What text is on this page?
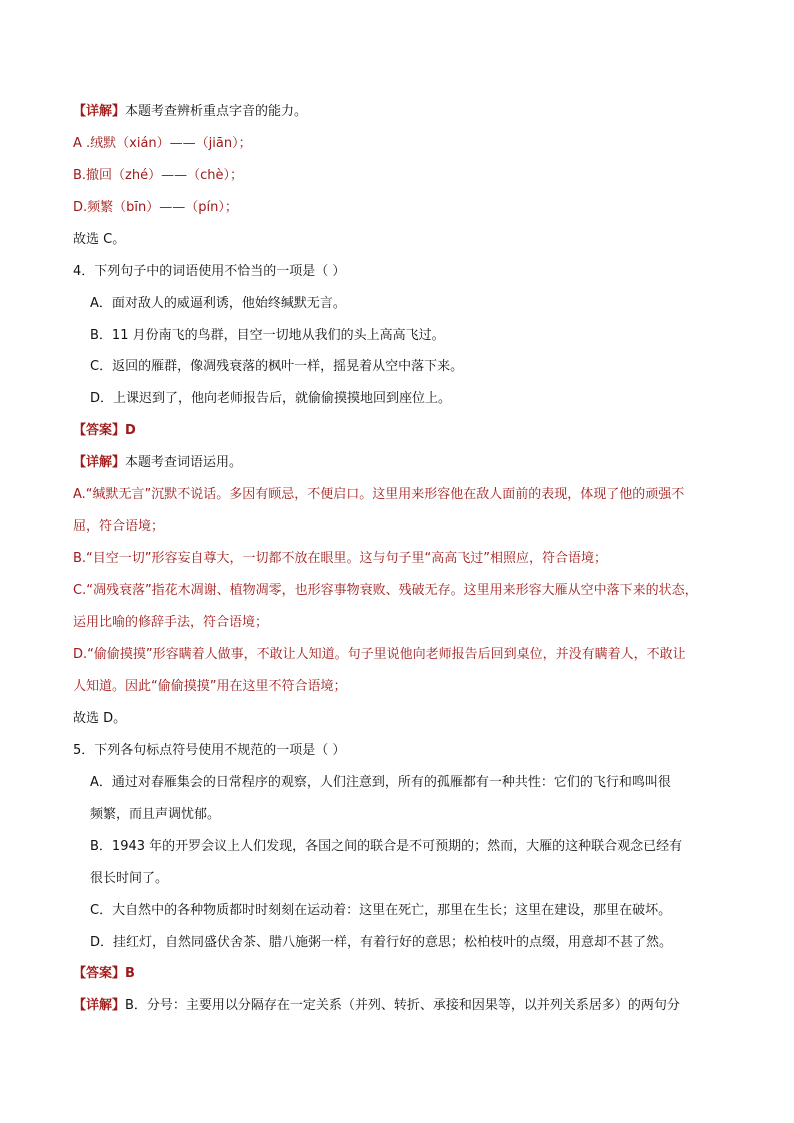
【详解】本题考查辨析重点字音的能力。
A .绒默（xián）——（jiān）；
B.撤回（zhé）——（chè）；
D.频繁（bīn）——（pín）；
故选 C。
4．下列句子中的词语使用不恰当的一项是（ ）
A．面对敌人的威逼利诱，他始终缄默无言。
B．11 月份南飞的鸟群，目空一切地从我们的头上高高飞过。
C．返回的雁群，像凋残衰落的枫叶一样，摇晃着从空中落下来。
D．上课迟到了，他向老师报告后，就偷偷摸摸地回到座位上。
【答案】D
【详解】本题考查词语运用。
A.“缄默无言”沉默不说话。多因有顾忌，不便启口。这里用来形容他在敌人面前的表现，体现了他的顽强不
屈，符合语境；
B.“目空一切”形容妄自尊大，一切都不放在眼里。这与句子里“高高飞过”相照应，符合语境；
C.“凋残衰落”指花木凋谢、植物凋零，也形容事物衰败、残破无存。这里用来形容大雁从空中落下来的状态，
运用比喻的修辞手法，符合语境；
D.“偷偷摸摸”形容瞒着人做事，不敢让人知道。句子里说他向老师报告后回到桌位，并没有瞒着人，不敢让
人知道。因此“偷偷摸摸”用在这里不符合语境；
故选 D。
5．下列各句标点符号使用不规范的一项是（ ）
A．通过对春雁集会的日常程序的观察，人们注意到，所有的孤雁都有一种共性：它们的飞行和鸣叫很
频繁，而且声调忧郁。
B．1943 年的开罗会议上人们发现，各国之间的联合是不可预期的；然而，大雁的这种联合观念已经有
很长时间了。
C．大自然中的各种物质都时时刻刻在运动着：这里在死亡，那里在生长；这里在建设，那里在破坏。
D．挂红灯，自然同盛伏舍茶、腊八施粥一样，有着行好的意思；松柏枝叶的点缀，用意却不甚了然。
【答案】B
【详解】B．分号：主要用以分隔存在一定关系（并列、转折、承接和因果等，以并列关系居多）的两句分
